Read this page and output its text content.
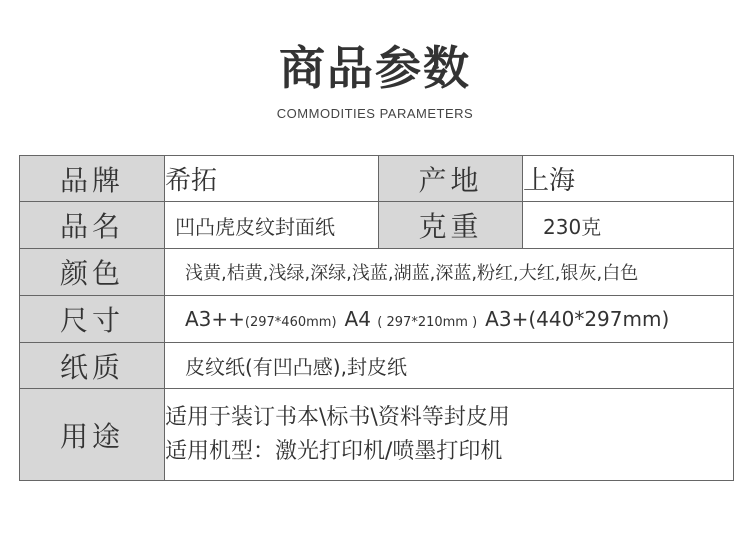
商品参数
COMMODITIES PARAMETERS
品牌	希拓	产地	上海
品名	凹凸虎皮纹封面纸	克重	230克
颜色	浅黄,桔黄,浅绿,深绿,浅蓝,湖蓝,深蓝,粉红,大红,银灰,白色		
尺寸	A3++(297*460mm) A4 ( 297*210mm ) A3+(440*297mm)		
纸质	皮纹纸(有凹凸感),封皮纸		
用途	适用于装订书本\标书\资料等封皮用
适用机型：激光打印机/喷墨打印机		
